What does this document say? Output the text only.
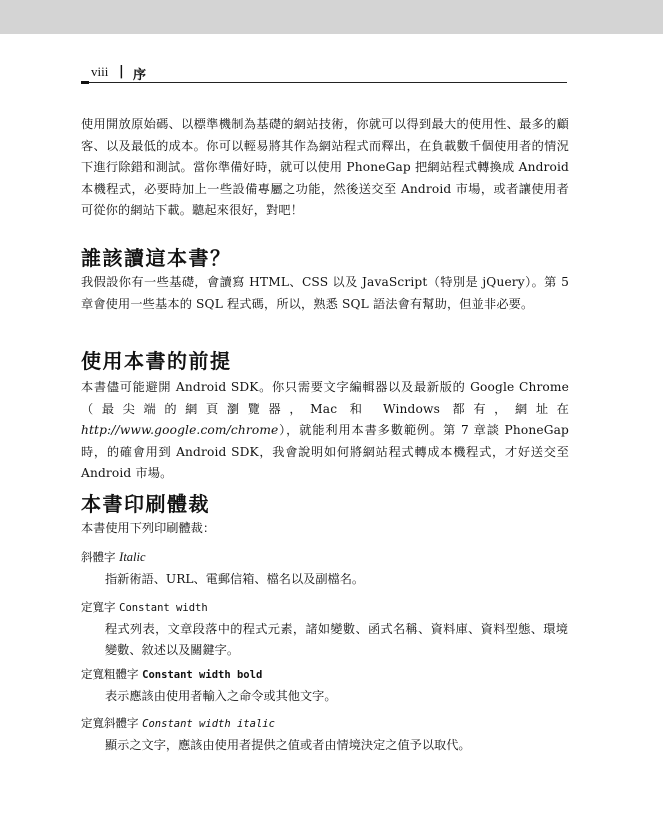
viii | 序

使用開放原始碼、以標準機制為基礎的網站技術，你就可以得到最大的使用性、最多的顧客、以及最低的成本。你可以輕易將其作為網站程式而釋出，在負載數千個使用者的情況下進行除錯和測試。當你準備好時，就可以使用 PhoneGap 把網站程式轉換成 Android 本機程式，必要時加上一些設備專屬之功能，然後送交至 Android 市場，或者讓使用者可從你的網站下載。聽起來很好，對吧！

誰該讀這本書？

我假設你有一些基礎，會讀寫 HTML、CSS 以及 JavaScript（特別是 jQuery）。第 5 章會使用一些基本的 SQL 程式碼，所以，熟悉 SQL 語法會有幫助，但並非必要。

使用本書的前提

本書儘可能避開 Android SDK。你只需要文字編輯器以及最新版的 Google Chrome（最尖端的網頁瀏覽器，Mac 和 Windows 都有，網址在 http://www.google.com/chrome），就能利用本書多數範例。第 7 章談 PhoneGap 時，的確會用到 Android SDK，我會說明如何將網站程式轉成本機程式，才好送交至 Android 市場。

本書印刷體裁

本書使用下列印刷體裁：

斜體字 Italic

指新術語、URL、電郵信箱、檔名以及副檔名。

定寬字 Constant width

程式列表，文章段落中的程式元素，諸如變數、函式名稱、資料庫、資料型態、環境變數、敘述以及關鍵字。

定寬粗體字 Constant width bold

表示應該由使用者輸入之命令或其他文字。

定寬斜體字 Constant width italic

顯示之文字，應該由使用者提供之值或者由情境決定之值予以取代。
